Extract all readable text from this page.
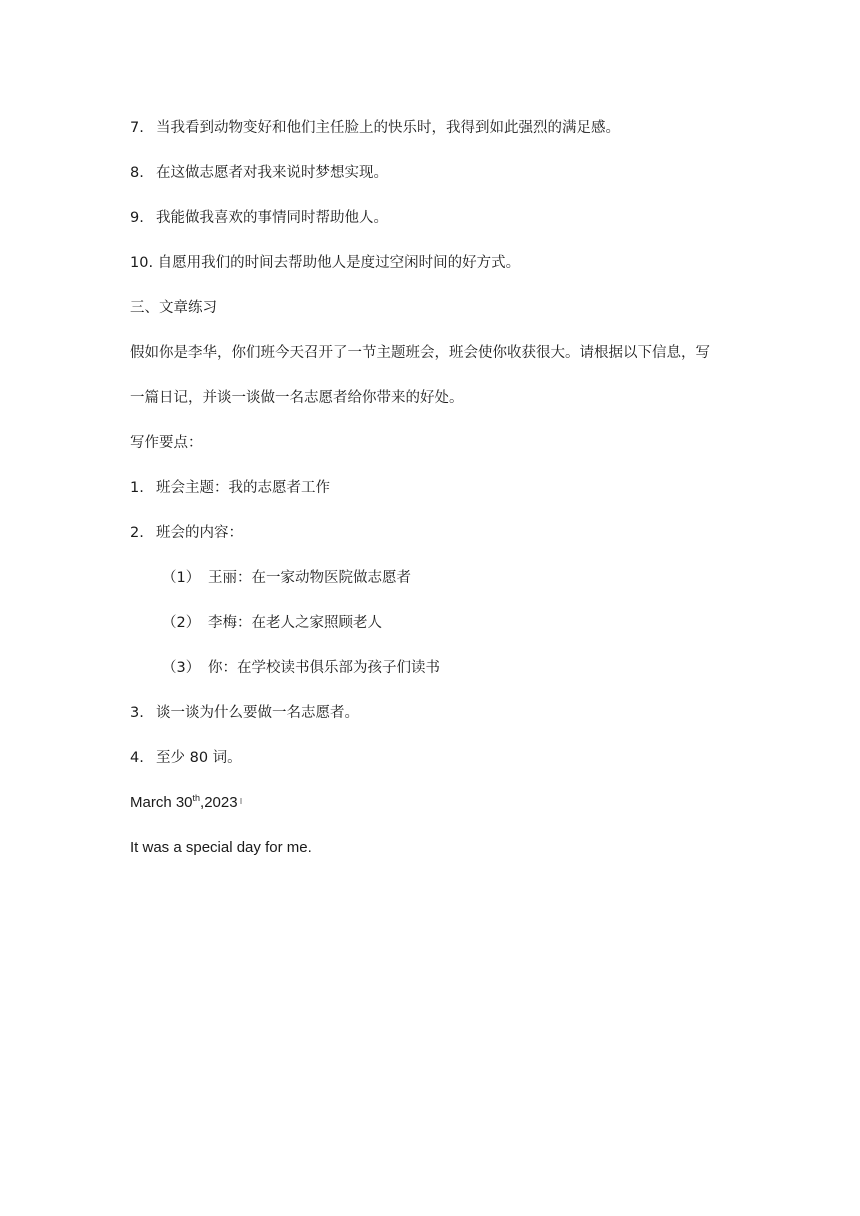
7. 当我看到动物变好和他们主任脸上的快乐时，我得到如此强烈的满足感。
8. 在这做志愿者对我来说时梦想实现。
9. 我能做我喜欢的事情同时帮助他人。
10. 自愿用我们的时间去帮助他人是度过空闲时间的好方式。
三、文章练习
假如你是李华，你们班今天召开了一节主题班会，班会使你收获很大。请根据以下信息，写
一篇日记，并谈一谈做一名志愿者给你带来的好处。
写作要点：
1. 班会主题：我的志愿者工作
2. 班会的内容：
（1） 王丽：在一家动物医院做志愿者
（2） 李梅：在老人之家照顾老人
（3） 你：在学校读书俱乐部为孩子们读书
3. 谈一谈为什么要做一名志愿者。
4. 至少 80 词。
March 30th,2023
It was a special day for me.
